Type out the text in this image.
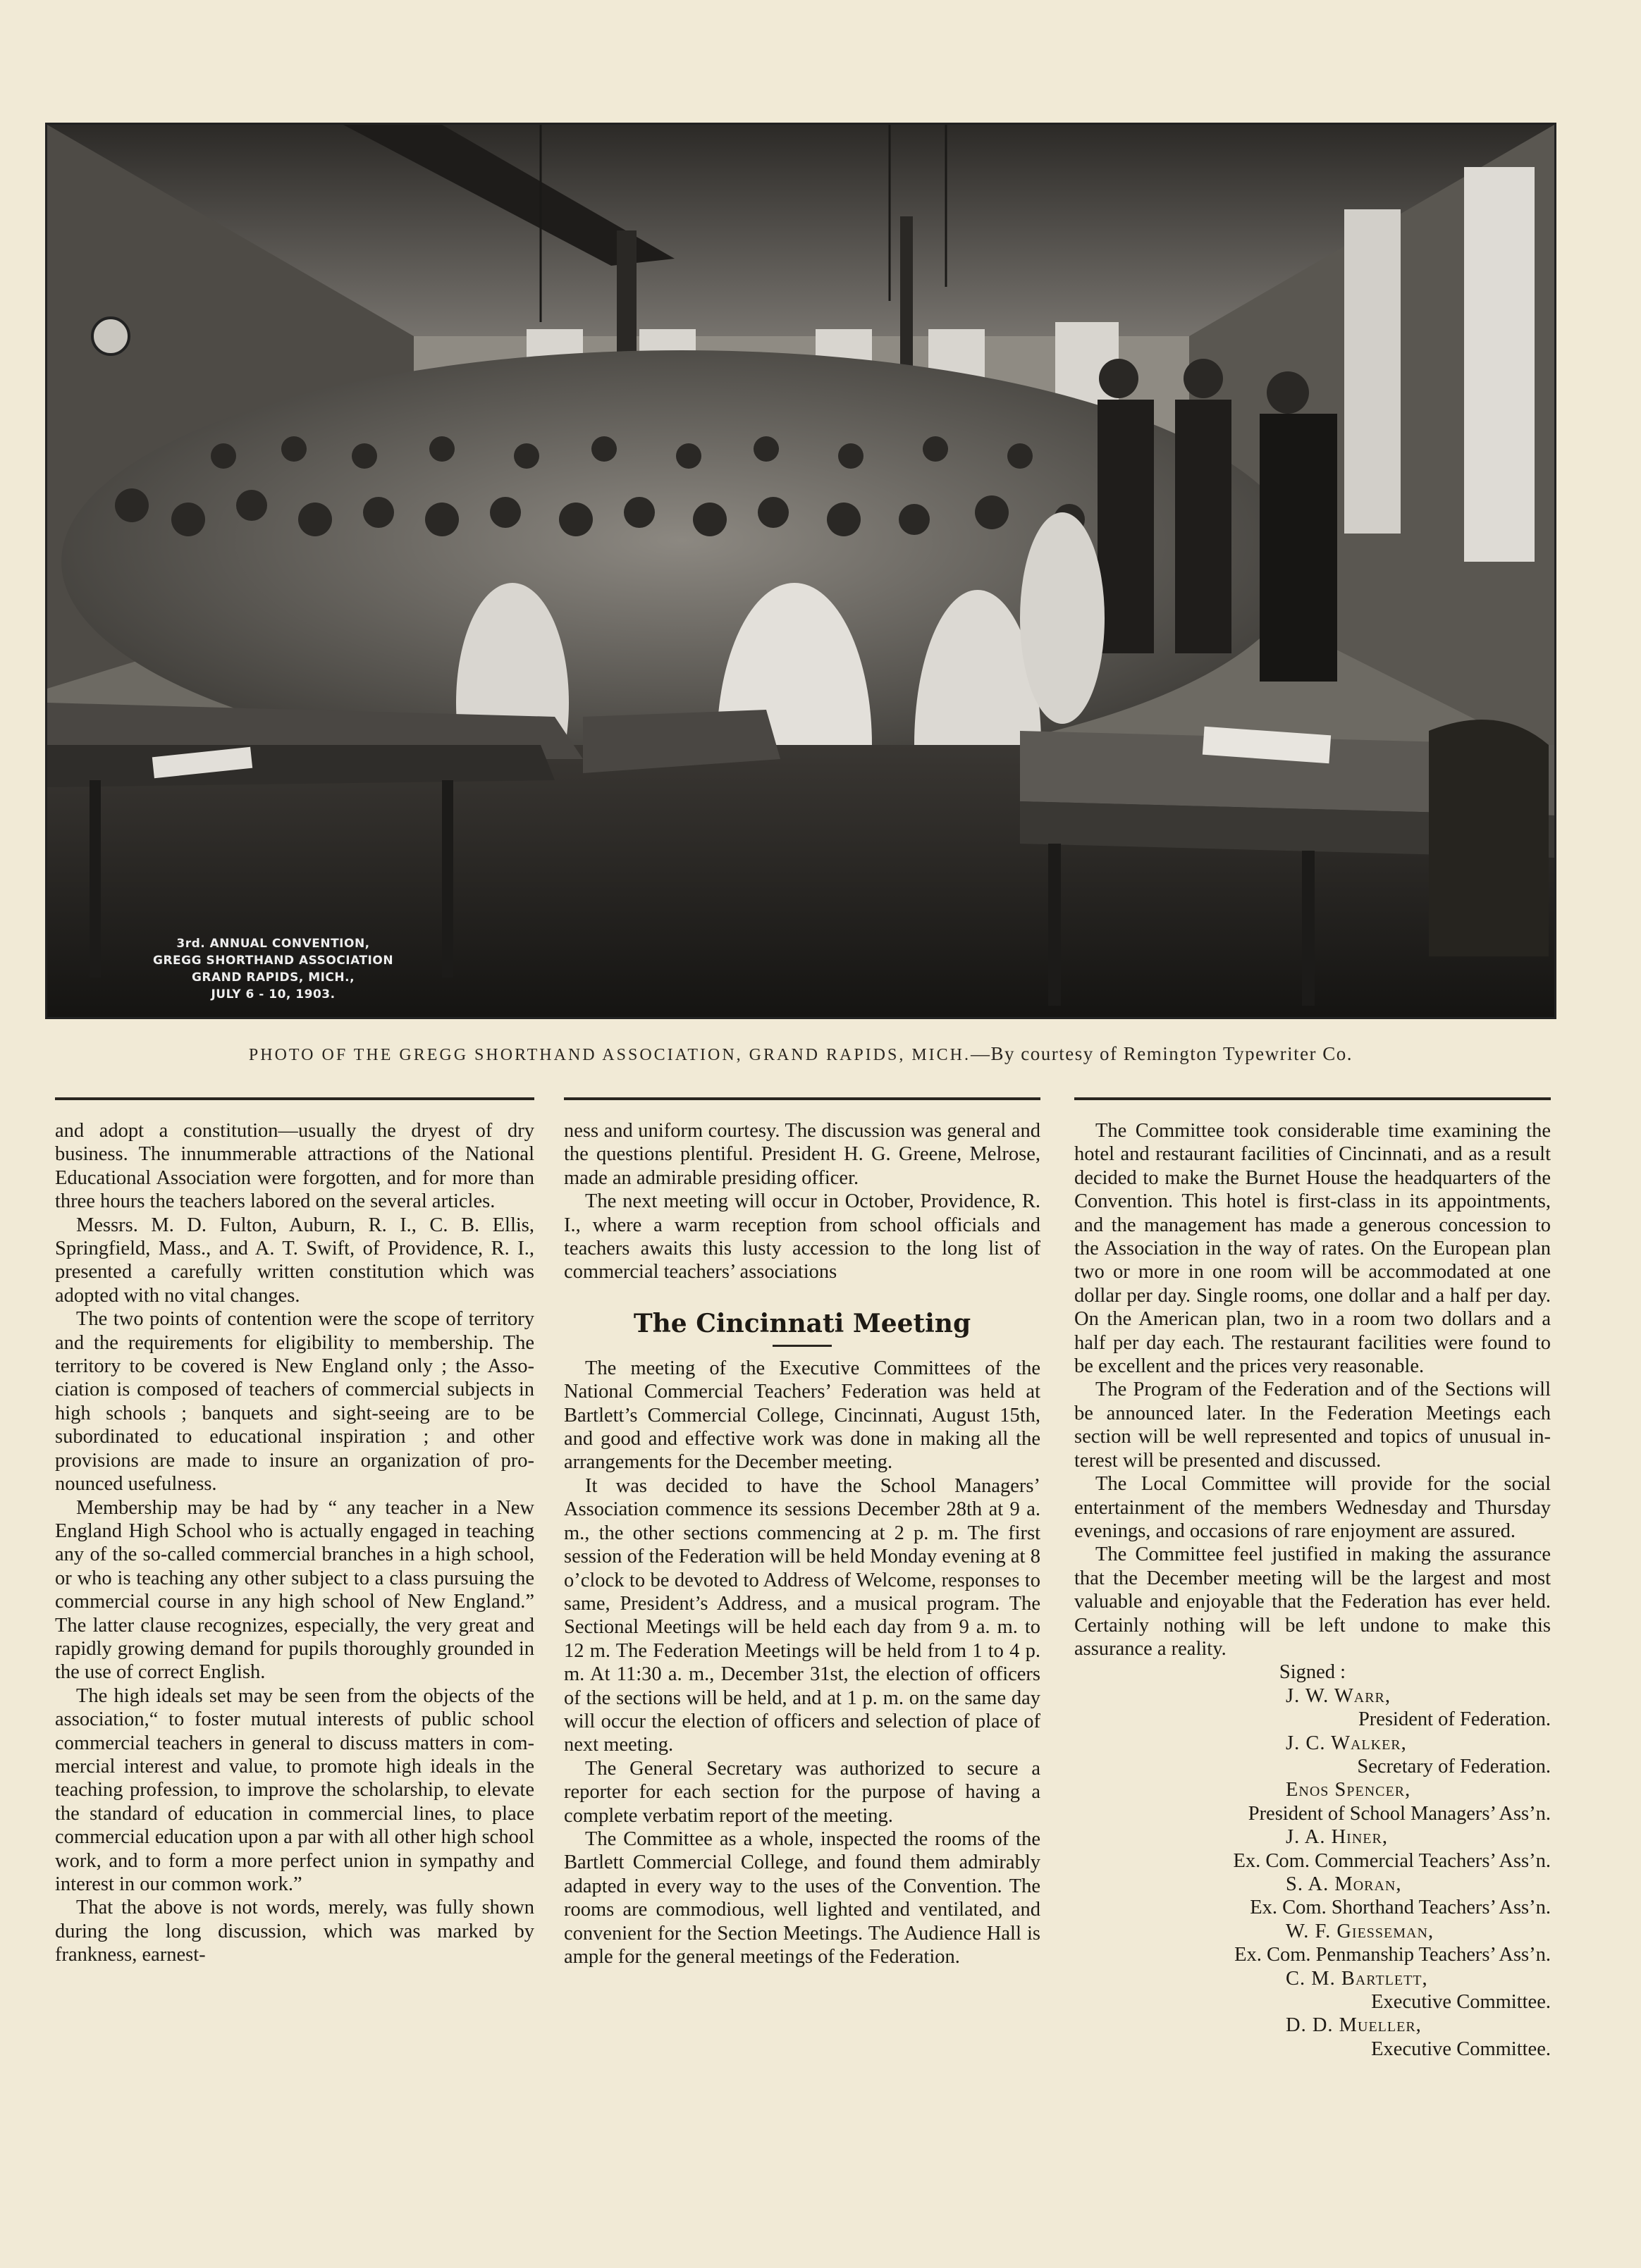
3rd. ANNUAL CONVENTION,
GREGG SHORTHAND ASSOCIATION
GRAND RAPIDS, MICH.,
JULY 6 - 10, 1903.
PHOTO OF THE GREGG SHORTHAND ASSOCIATION, GRAND RAPIDS, MICH.—By courtesy of Remington Typewriter Co.

and adopt a constitution—usually the dryest of dry business. The innummerable attractions of the National Educational Association were forgotten, and for more than three hours the teachers labored on the several articles.

Messrs. M. D. Fulton, Auburn, R. I., C. B. Ellis, Springfield, Mass., and A. T. Swift, of Providence, R. I., presented a carefully written constitution which was adopted with no vital changes.

The two points of contention were the scope of territory and the requirements for eligibility to membership. The territory to be covered is New England only ; the Association is composed of teachers of commercial subjects in high schools ; banquets and sight-seeing are to be subordinated to educational inspiration ; and other provisions are made to insure an organization of pronounced usefulness.

Membership may be had by “ any teacher in a New England High School who is actually engaged in teaching any of the so-called commercial branches in a high school, or who is teaching any other subject to a class pursuing the commercial course in any high school of New England.” The latter clause recognizes, especially, the very great and rapidly growing demand for pupils thoroughly grounded in the use of correct English.

The high ideals set may be seen from the objects of the association,“ to foster mutual interests of public school commercial teachers in general to discuss matters in commercial interest and value, to promote high ideals in the teaching profession, to improve the scholarship, to elevate the standard of education in commercial lines, to place commercial education upon a par with all other high school work, and to form a more perfect union in sympathy and interest in our common work.”

That the above is not words, merely, was fully shown during the long discussion, which was marked by frankness, earnest-

ness and uniform courtesy. The discussion was general and the questions plentiful. President H. G. Greene, Melrose, made an admirable presiding officer.

The next meeting will occur in October, Providence, R. I., where a warm reception from school officials and teachers awaits this lusty accession to the long list of commercial teachers’ associations

The Cincinnati Meeting

The meeting of the Executive Committees of the National Commercial Teachers’ Federation was held at Bartlett’s Commercial College, Cincinnati, August 15th, and good and effective work was done in making all the arrangements for the December meeting.

It was decided to have the School Managers’ Association commence its sessions December 28th at 9 a. m., the other sections commencing at 2 p. m. The first session of the Federation will be held Monday evening at 8 o’clock to be devoted to Address of Welcome, responses to same, President’s Address, and a musical program. The Sectional Meetings will be held each day from 9 a. m. to 12 m. The Federation Meetings will be held from 1 to 4 p. m. At 11:30 a. m., December 31st, the election of officers of the sections will be held, and at 1 p. m. on the same day will occur the election of officers and selection of place of next meeting.

The General Secretary was authorized to secure a reporter for each section for the purpose of having a complete verbatim report of the meeting.

The Committee as a whole, inspected the rooms of the Bartlett Commercial College, and found them admirably adapted in every way to the uses of the Convention. The rooms are commodious, well lighted and ventilated, and convenient for the Section Meetings. The Audience Hall is ample for the general meetings of the Federation.

The Committee took considerable time examining the hotel and restaurant facilities of Cincinnati, and as a result decided to make the Burnet House the headquarters of the Convention. This hotel is first-class in its appointments, and the management has made a generous concession to the Association in the way of rates. On the European plan two or more in one room will be accommodated at one dollar per day. Single rooms, one dollar and a half per day. On the American plan, two in a room two dollars and a half per day each. The restaurant facilities were found to be excellent and the prices very reasonable.

The Program of the Federation and of the Sections will be announced later. In the Federation Meetings each section will be well represented and topics of unusual interest will be presented and discussed.

The Local Committee will provide for the social entertainment of the members Wednesday and Thursday evenings, and occasions of rare enjoyment are assured.

The Committee feel justified in making the assurance that the December meeting will be the largest and most valuable and enjoyable that the Federation has ever held. Certainly nothing will be left undone to make this assurance a reality.

Signed :

J. W. Warr,

President of Federation.

J. C. Walker,

Secretary of Federation.

Enos Spencer,

President of School Managers’ Ass’n.

J. A. Hiner,

Ex. Com. Commercial Teachers’ Ass’n.

S. A. Moran,

Ex. Com. Shorthand Teachers’ Ass’n.

W. F. Giesseman,

Ex. Com. Penmanship Teachers’ Ass’n.

C. M. Bartlett,

Executive Committee.

D. D. Mueller,

Executive Committee.
